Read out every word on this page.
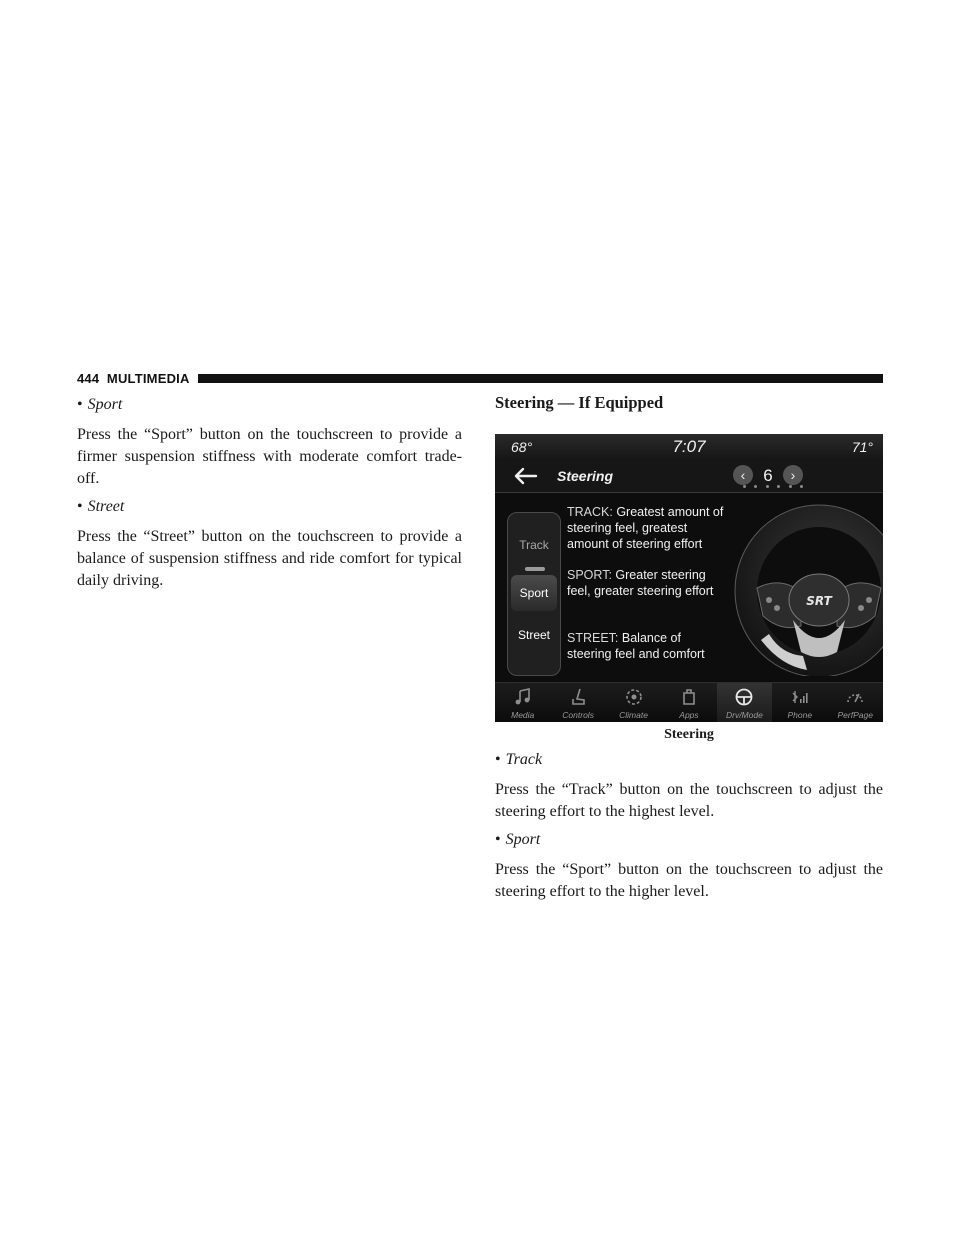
444 MULTIMEDIA
• Sport
Press the “Sport” button on the touchscreen to provide a firmer suspension stiffness with moderate comfort trade-off.
• Street
Press the “Street” button on the touchscreen to provide a balance of suspension stiffness and ride comfort for typical daily driving.
Steering — If Equipped
68°	7:07	71°
Steering	‹	6	›
Track
Sport
Street
TRACK: Greatest amount of steering feel, greatest amount of steering effort
SPORT: Greater steering feel, greater steering effort
STREET: Balance of steering feel and comfort
SRT
Media	Controls	Climate	Apps	Drv/Mode	Phone	PerfPage
Steering
• Track
Press the “Track” button on the touchscreen to adjust the steering effort to the highest level.
• Sport
Press the “Sport” button on the touchscreen to adjust the steering effort to the higher level.
